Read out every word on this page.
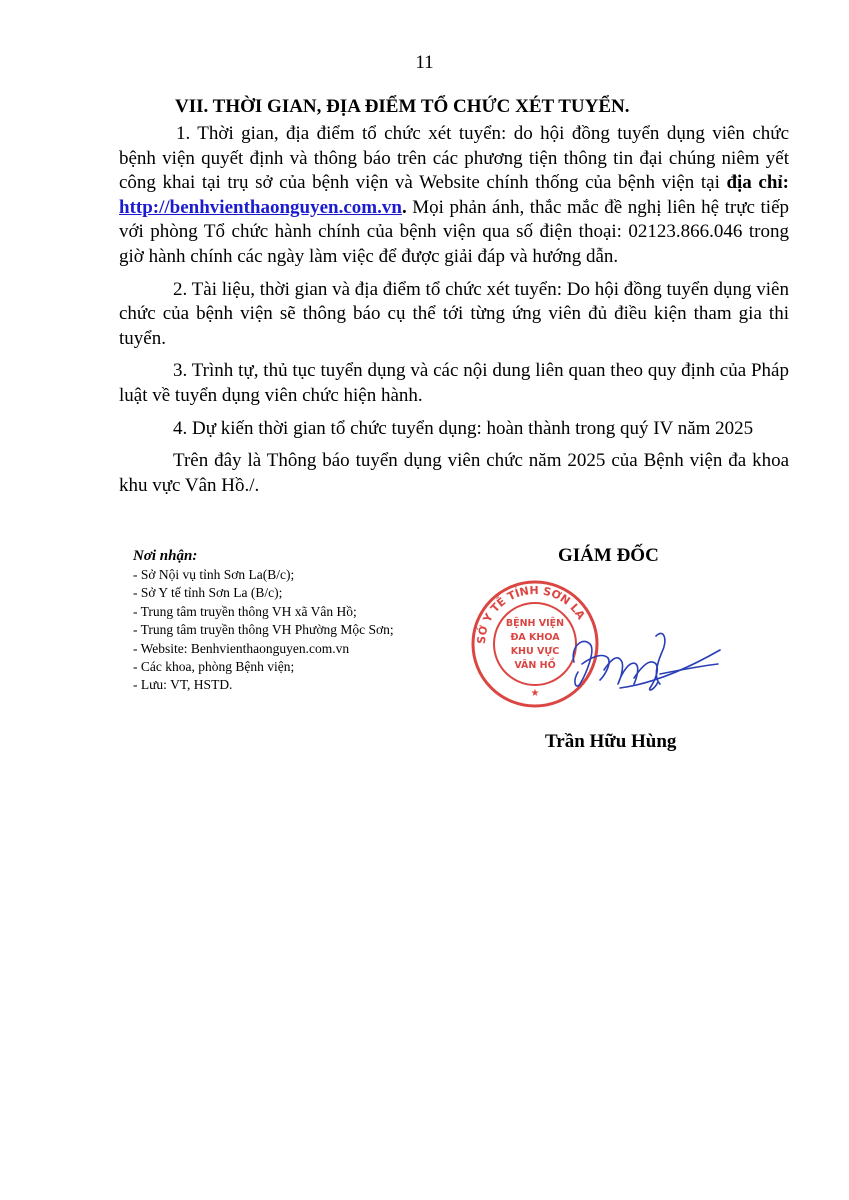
11
VII. THỜI GIAN, ĐỊA ĐIỂM TỔ CHỨC XÉT TUYỂN.

1. Thời gian, địa điểm tổ chức xét tuyển: do hội đồng tuyển dụng viên chức bệnh viện quyết định và thông báo trên các phương tiện thông tin đại chúng niêm yết công khai tại trụ sở của bệnh viện và Website chính thống của bệnh viện tại địa chỉ: http://benhvienthaonguyen.com.vn. Mọi phản ánh, thắc mắc đề nghị liên hệ trực tiếp với phòng Tổ chức hành chính của bệnh viện qua số điện thoại: 02123.866.046 trong giờ hành chính các ngày làm việc để được giải đáp và hướng dẫn.

2. Tài liệu, thời gian và địa điểm tổ chức xét tuyển: Do hội đồng tuyển dụng viên chức của bệnh viện sẽ thông báo cụ thể tới từng ứng viên đủ điều kiện tham gia thi tuyển.

3. Trình tự, thủ tục tuyển dụng và các nội dung liên quan theo quy định của Pháp luật về tuyển dụng viên chức hiện hành.

4. Dự kiến thời gian tổ chức tuyển dụng: hoàn thành trong quý IV năm 2025

Trên đây là Thông báo tuyển dụng viên chức năm 2025 của Bệnh viện đa khoa khu vực Vân Hồ./.

Nơi nhận:
- Sở Nội vụ tỉnh Sơn La(B/c);
- Sở Y tế tỉnh Sơn La (B/c);
- Trung tâm truyền thông VH xã Vân Hồ;
- Trung tâm truyền thông VH Phường Mộc Sơn;
- Website: Benhvienthaonguyen.com.vn
- Các khoa, phòng Bệnh viện;
- Lưu: VT, HSTD.
GIÁM ĐỐC
SỞ Y TẾ TỈNH SƠN LA
BỆNH VIỆN
ĐA KHOA
KHU VỰC
VÂN HỒ
★
Trần Hữu Hùng
